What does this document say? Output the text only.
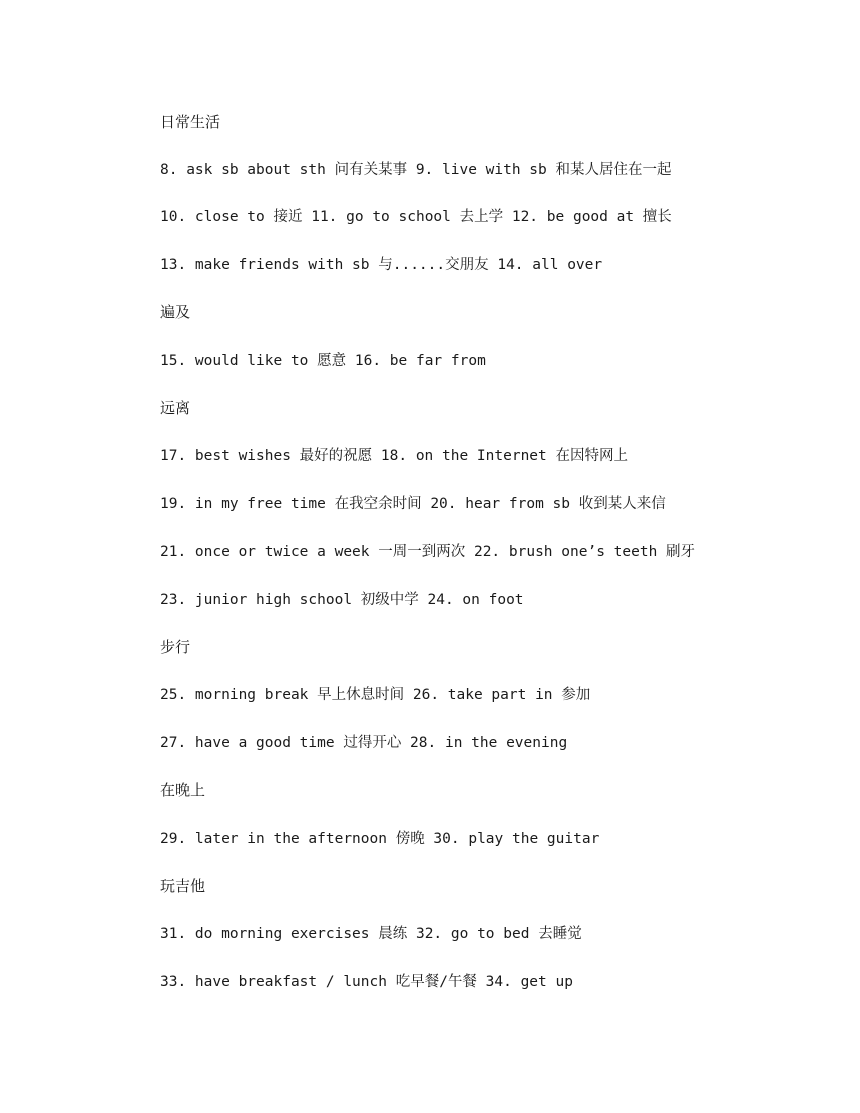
日常生活
8. ask sb about sth 问有关某事 9. live with sb 和某人居住在一起
10. close to 接近 11. go to school 去上学 12. be good at 擅长
13. make friends with sb 与......交朋友 14. all over
遍及
15. would like to 愿意 16. be far from
远离
17. best wishes 最好的祝愿 18. on the Internet 在因特网上
19. in my free time 在我空余时间 20. hear from sb 收到某人来信
21. once or twice a week 一周一到两次 22. brush one’s teeth 刷牙
23. junior high school 初级中学 24. on foot
步行
25. morning break 早上休息时间 26. take part in 参加
27. have a good time 过得开心 28. in the evening
在晚上
29. later in the afternoon 傍晚 30. play the guitar
玩吉他
31. do morning exercises 晨练 32. go to bed 去睡觉
33. have breakfast / lunch 吃早餐/午餐 34. get up
